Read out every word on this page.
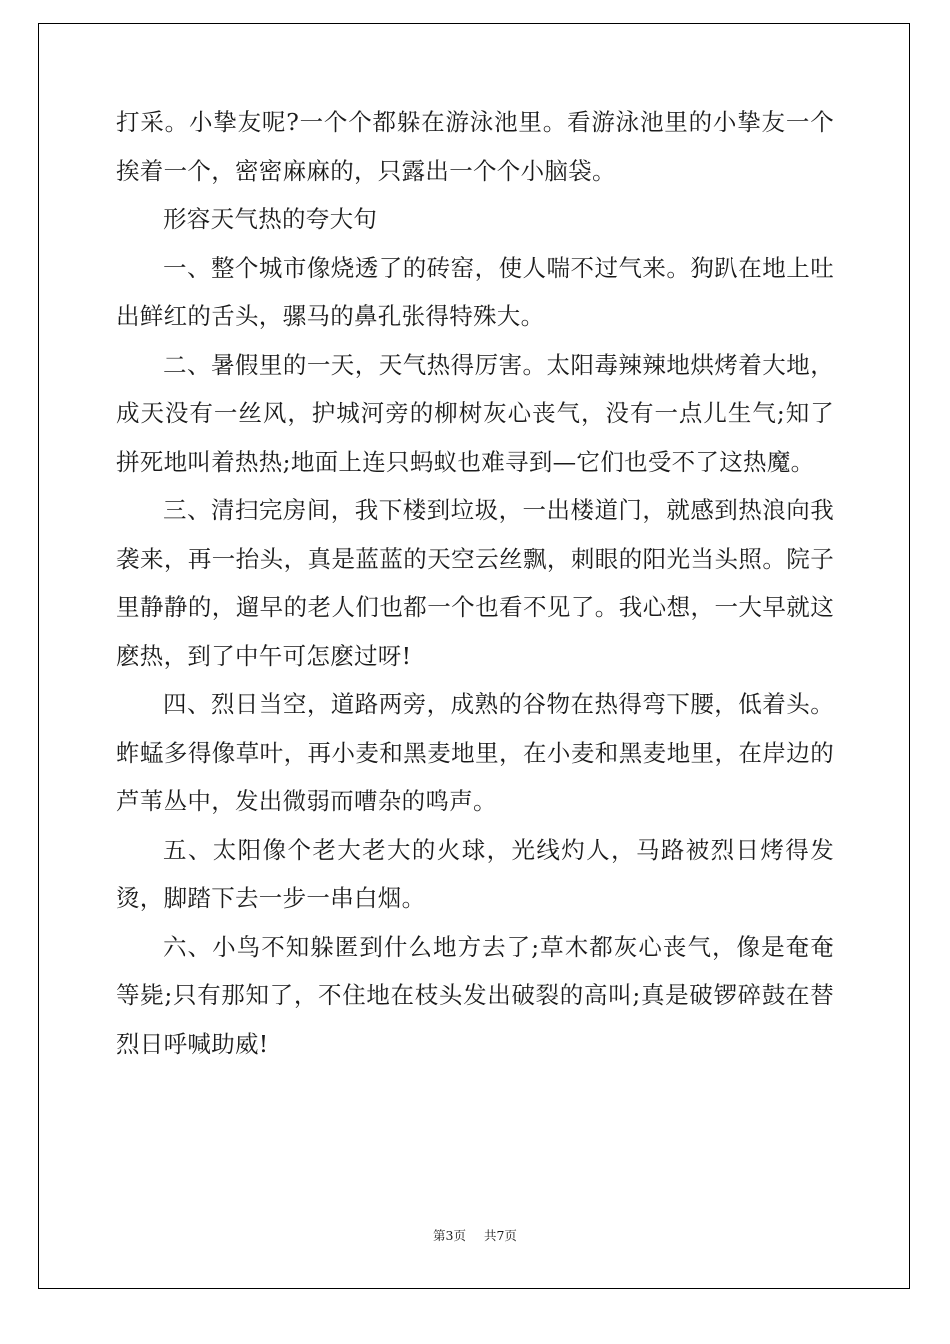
打采。小挚友呢?一个个都躲在游泳池里。看游泳池里的小挚友一个挨着一个，密密麻麻的，只露出一个个小脑袋。

形容天气热的夸大句

一、整个城市像烧透了的砖窑，使人喘不过气来。狗趴在地上吐出鲜红的舌头，骡马的鼻孔张得特殊大。

二、暑假里的一天，天气热得厉害。太阳毒辣辣地烘烤着大地，成天没有一丝风，护城河旁的柳树灰心丧气，没有一点儿生气;知了拼死地叫着热热;地面上连只蚂蚁也难寻到—它们也受不了这热魔。

三、清扫完房间，我下楼到垃圾，一出楼道门，就感到热浪向我袭来，再一抬头，真是蓝蓝的天空云丝飘，刺眼的阳光当头照。院子里静静的，遛早的老人们也都一个也看不见了。我心想，一大早就这麽热，到了中午可怎麽过呀!

四、烈日当空，道路两旁，成熟的谷物在热得弯下腰，低着头。蚱蜢多得像草叶，再小麦和黑麦地里，在小麦和黑麦地里，在岸边的芦苇丛中，发出微弱而嘈杂的鸣声。

五、太阳像个老大老大的火球，光线灼人，马路被烈日烤得发烫，脚踏下去一步一串白烟。

六、小鸟不知躲匿到什么地方去了;草木都灰心丧气，像是奄奄等毙;只有那知了，不住地在枝头发出破裂的高叫;真是破锣碎鼓在替烈日呼喊助威!

第3页 共7页
